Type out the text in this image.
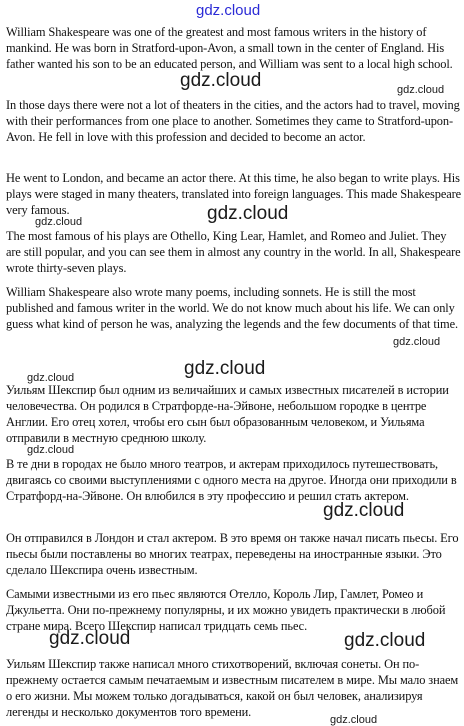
William Shakespeare was one of the greatest and most famous writers in the history of mankind. He was born in Stratford-upon-Avon, a small town in the center of England. His father wanted his son to be an educated person, and William was sent to a local high school.

In those days there were not a lot of theaters in the cities, and the actors had to travel, moving with their performances from one place to another. Sometimes they came to Stratford-upon-Avon. He fell in love with this profession and decided to become an actor.

He went to London, and became an actor there. At this time, he also began to write plays. His plays were staged in many theaters, translated into foreign languages. This made Shakespeare very famous.

The most famous of his plays are Othello, King Lear, Hamlet, and Romeo and Juliet. They are still popular, and you can see them in almost any country in the world. In all, Shakespeare wrote thirty-seven plays.

William Shakespeare also wrote many poems, including sonnets. He is still the most published and famous writer in the world. We do not know much about his life. We can only guess what kind of person he was, analyzing the legends and the few documents of that time.

Уильям Шекспир был одним из величайших и самых известных писателей в истории человечества. Он родился в Стратфорде-на-Эйвоне, небольшом городке в центре Англии. Его отец хотел, чтобы его сын был образованным человеком, и Уильяма отправили в местную среднюю школу.

В те дни в городах не было много театров, и актерам приходилось путешествовать, двигаясь со своими выступлениями с одного места на другое. Иногда они приходили в Стратфорд-на-Эйвоне. Он влюбился в эту профессию и решил стать актером.

Он отправился в Лондон и стал актером. В это время он также начал писать пьесы. Его пьесы были поставлены во многих театрах, переведены на иностранные языки. Это сделало Шекспира очень известным.

Самыми известными из его пьес являются Отелло, Король Лир, Гамлет, Ромео и Джульетта. Они по-прежнему популярны, и их можно увидеть практически в любой стране мира. Всего Шекспир написал тридцать семь пьес.

Уильям Шекспир также написал много стихотворений, включая сонеты. Он по-прежнему остается самым печатаемым и известным писателем в мире. Мы мало знаем о его жизни. Мы можем только догадываться, какой он был человек, анализируя легенды и несколько документов того времени.

gdz.cloud
gdz.cloud	gdz.cloud
gdz.cloud
gdz.cloud
gdz.cloud
gdz.cloud
gdz.cloud
gdz.cloud
gdz.cloud
gdz.cloud	gdz.cloud
gdz.cloud
